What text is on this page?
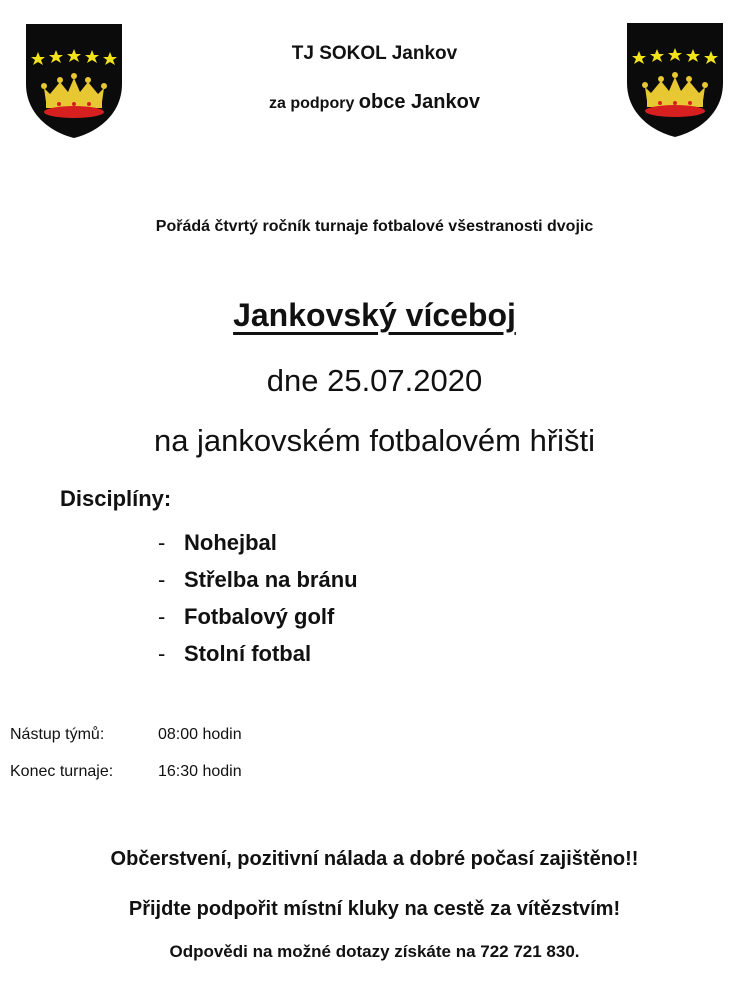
TJ SOKOL Jankov
za podpory obce Jankov
Pořádá čtvrtý ročník turnaje fotbalové všestranosti dvojic
Jankovský víceboj
dne 25.07.2020
na jankovském fotbalovém hřišti
Disciplíny:
- Nohejbal
- Střelba na bránu
- Fotbalový golf
- Stolní fotbal
Nástup týmů:	08:00 hodin
Konec turnaje:	16:30 hodin
Občerstvení, pozitivní nálada a dobré počasí zajištěno!!
Přijdte podpořit místní kluky na cestě za vítězstvím!
Odpovědi na možné dotazy získáte na 722 721 830.
